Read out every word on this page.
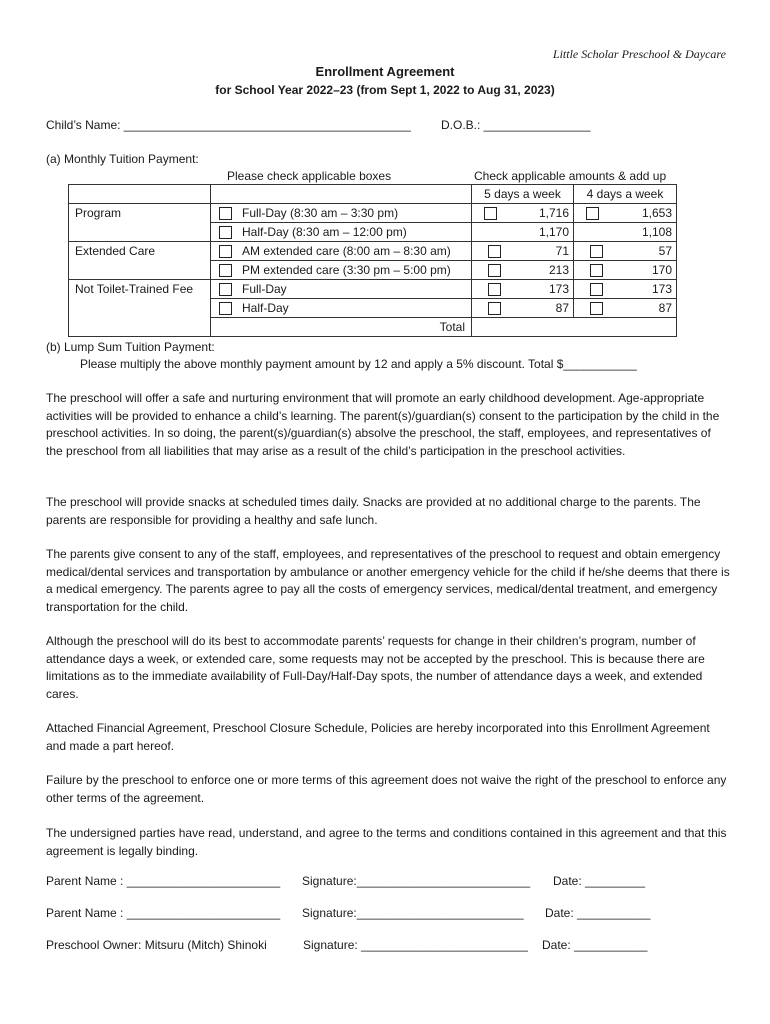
Little Scholar Preschool & Daycare
Enrollment Agreement
for School Year 2022–23 (from Sept 1, 2022 to Aug 31, 2023)
Child’s Name: ___________________________________________	D.O.B.: ________________
(a) Monthly Tuition Payment:
Please check applicable boxes	Check applicable amounts & add up
		5 days a week	4 days a week
Program	Full-Day (8:30 am – 3:30 pm)	1,716	1,653

	Half-Day (8:30 am – 12:00 pm)	1,170	1,108

Extended Care	AM extended care (8:00 am – 8:30 am)	71	57

	PM extended care (3:30 pm – 5:00 pm)	213	170

Not Toilet-Trained Fee	Full-Day	173	173

	Half-Day	87	87

	Total		
(b) Lump Sum Tuition Payment:
Please multiply the above monthly payment amount by 12 and apply a 5% discount. Total $___________
The preschool will offer a safe and nurturing environment that will promote an early childhood development. Age-appropriate activities will be provided to enhance a child’s learning. The parent(s)/guardian(s) consent to the participation by the child in the preschool activities. In so doing, the parent(s)/guardian(s) absolve the preschool, the staff, employees, and representatives of the preschool from all liabilities that may arise as a result of the child’s participation in the preschool activities.
The preschool will provide snacks at scheduled times daily. Snacks are provided at no additional charge to the parents. The parents are responsible for providing a healthy and safe lunch.
The parents give consent to any of the staff, employees, and representatives of the preschool to request and obtain emergency medical/dental services and transportation by ambulance or another emergency vehicle for the child if he/she deems that there is a medical emergency. The parents agree to pay all the costs of emergency services, medical/dental treatment, and emergency transportation for the child.
Although the preschool will do its best to accommodate parents’ requests for change in their children’s program, number of attendance days a week, or extended care, some requests may not be accepted by the preschool. This is because there are limitations as to the immediate availability of Full-Day/Half-Day spots, the number of attendance days a week, and extended cares.
Attached Financial Agreement, Preschool Closure Schedule, Policies are hereby incorporated into this Enrollment Agreement and made a part hereof.
Failure by the preschool to enforce one or more terms of this agreement does not waive the right of the preschool to enforce any other terms of the agreement.
The undersigned parties have read, understand, and agree to the terms and conditions contained in this agreement and that this agreement is legally binding.
Parent Name : _______________________ Signature:__________________________ Date: _________
Parent Name : _______________________ Signature:_________________________ Date: ___________
Preschool Owner: Mitsuru (Mitch) Shinoki	Signature: _________________________ Date: ___________
